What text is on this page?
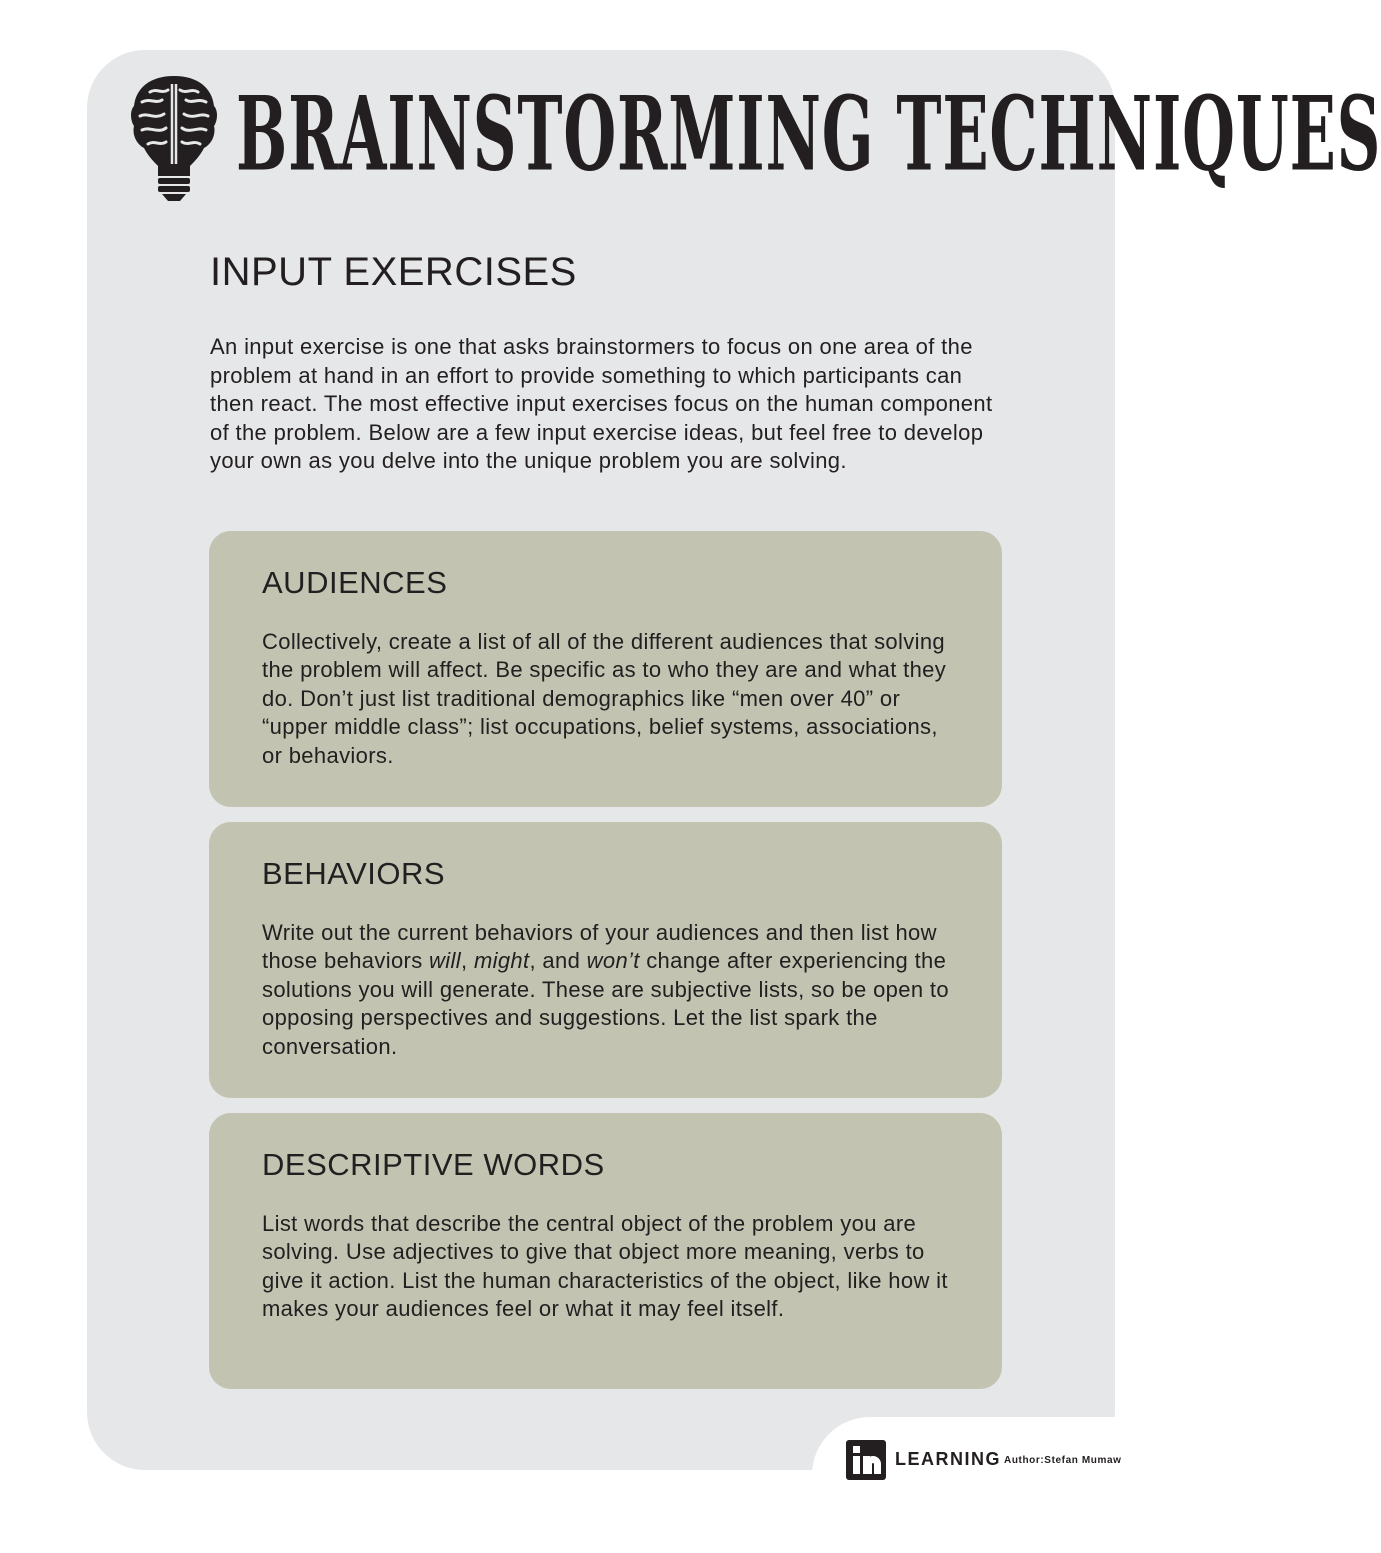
BRAINSTORMING TECHNIQUES
INPUT EXERCISES

An input exercise is one that asks brainstormers to focus on one area of the problem at hand in an effort to provide something to which participants can then react. The most effective input exercises focus on the human component of the problem. Below are a few input exercise ideas, but feel free to develop your own as you delve into the unique problem you are solving.

AUDIENCES

Collectively, create a list of all of the different audiences that solving the problem will affect. Be specific as to who they are and what they do. Don’t just list traditional demographics like “men over 40” or “upper middle class”; list occupations, belief systems, associations, or behaviors.

BEHAVIORS

Write out the current behaviors of your audiences and then list how those behaviors will, might, and won’t change after experiencing the solutions you will generate. These are subjective lists, so be open to opposing perspectives and suggestions. Let the list spark the conversation.

DESCRIPTIVE WORDS

List words that describe the central object of the problem you are solving. Use adjectives to give that object more meaning, verbs to give it action. List the human characteristics of the object, like how it makes your audiences feel or what it may feel itself.

LEARNING Author:Stefan Mumaw
